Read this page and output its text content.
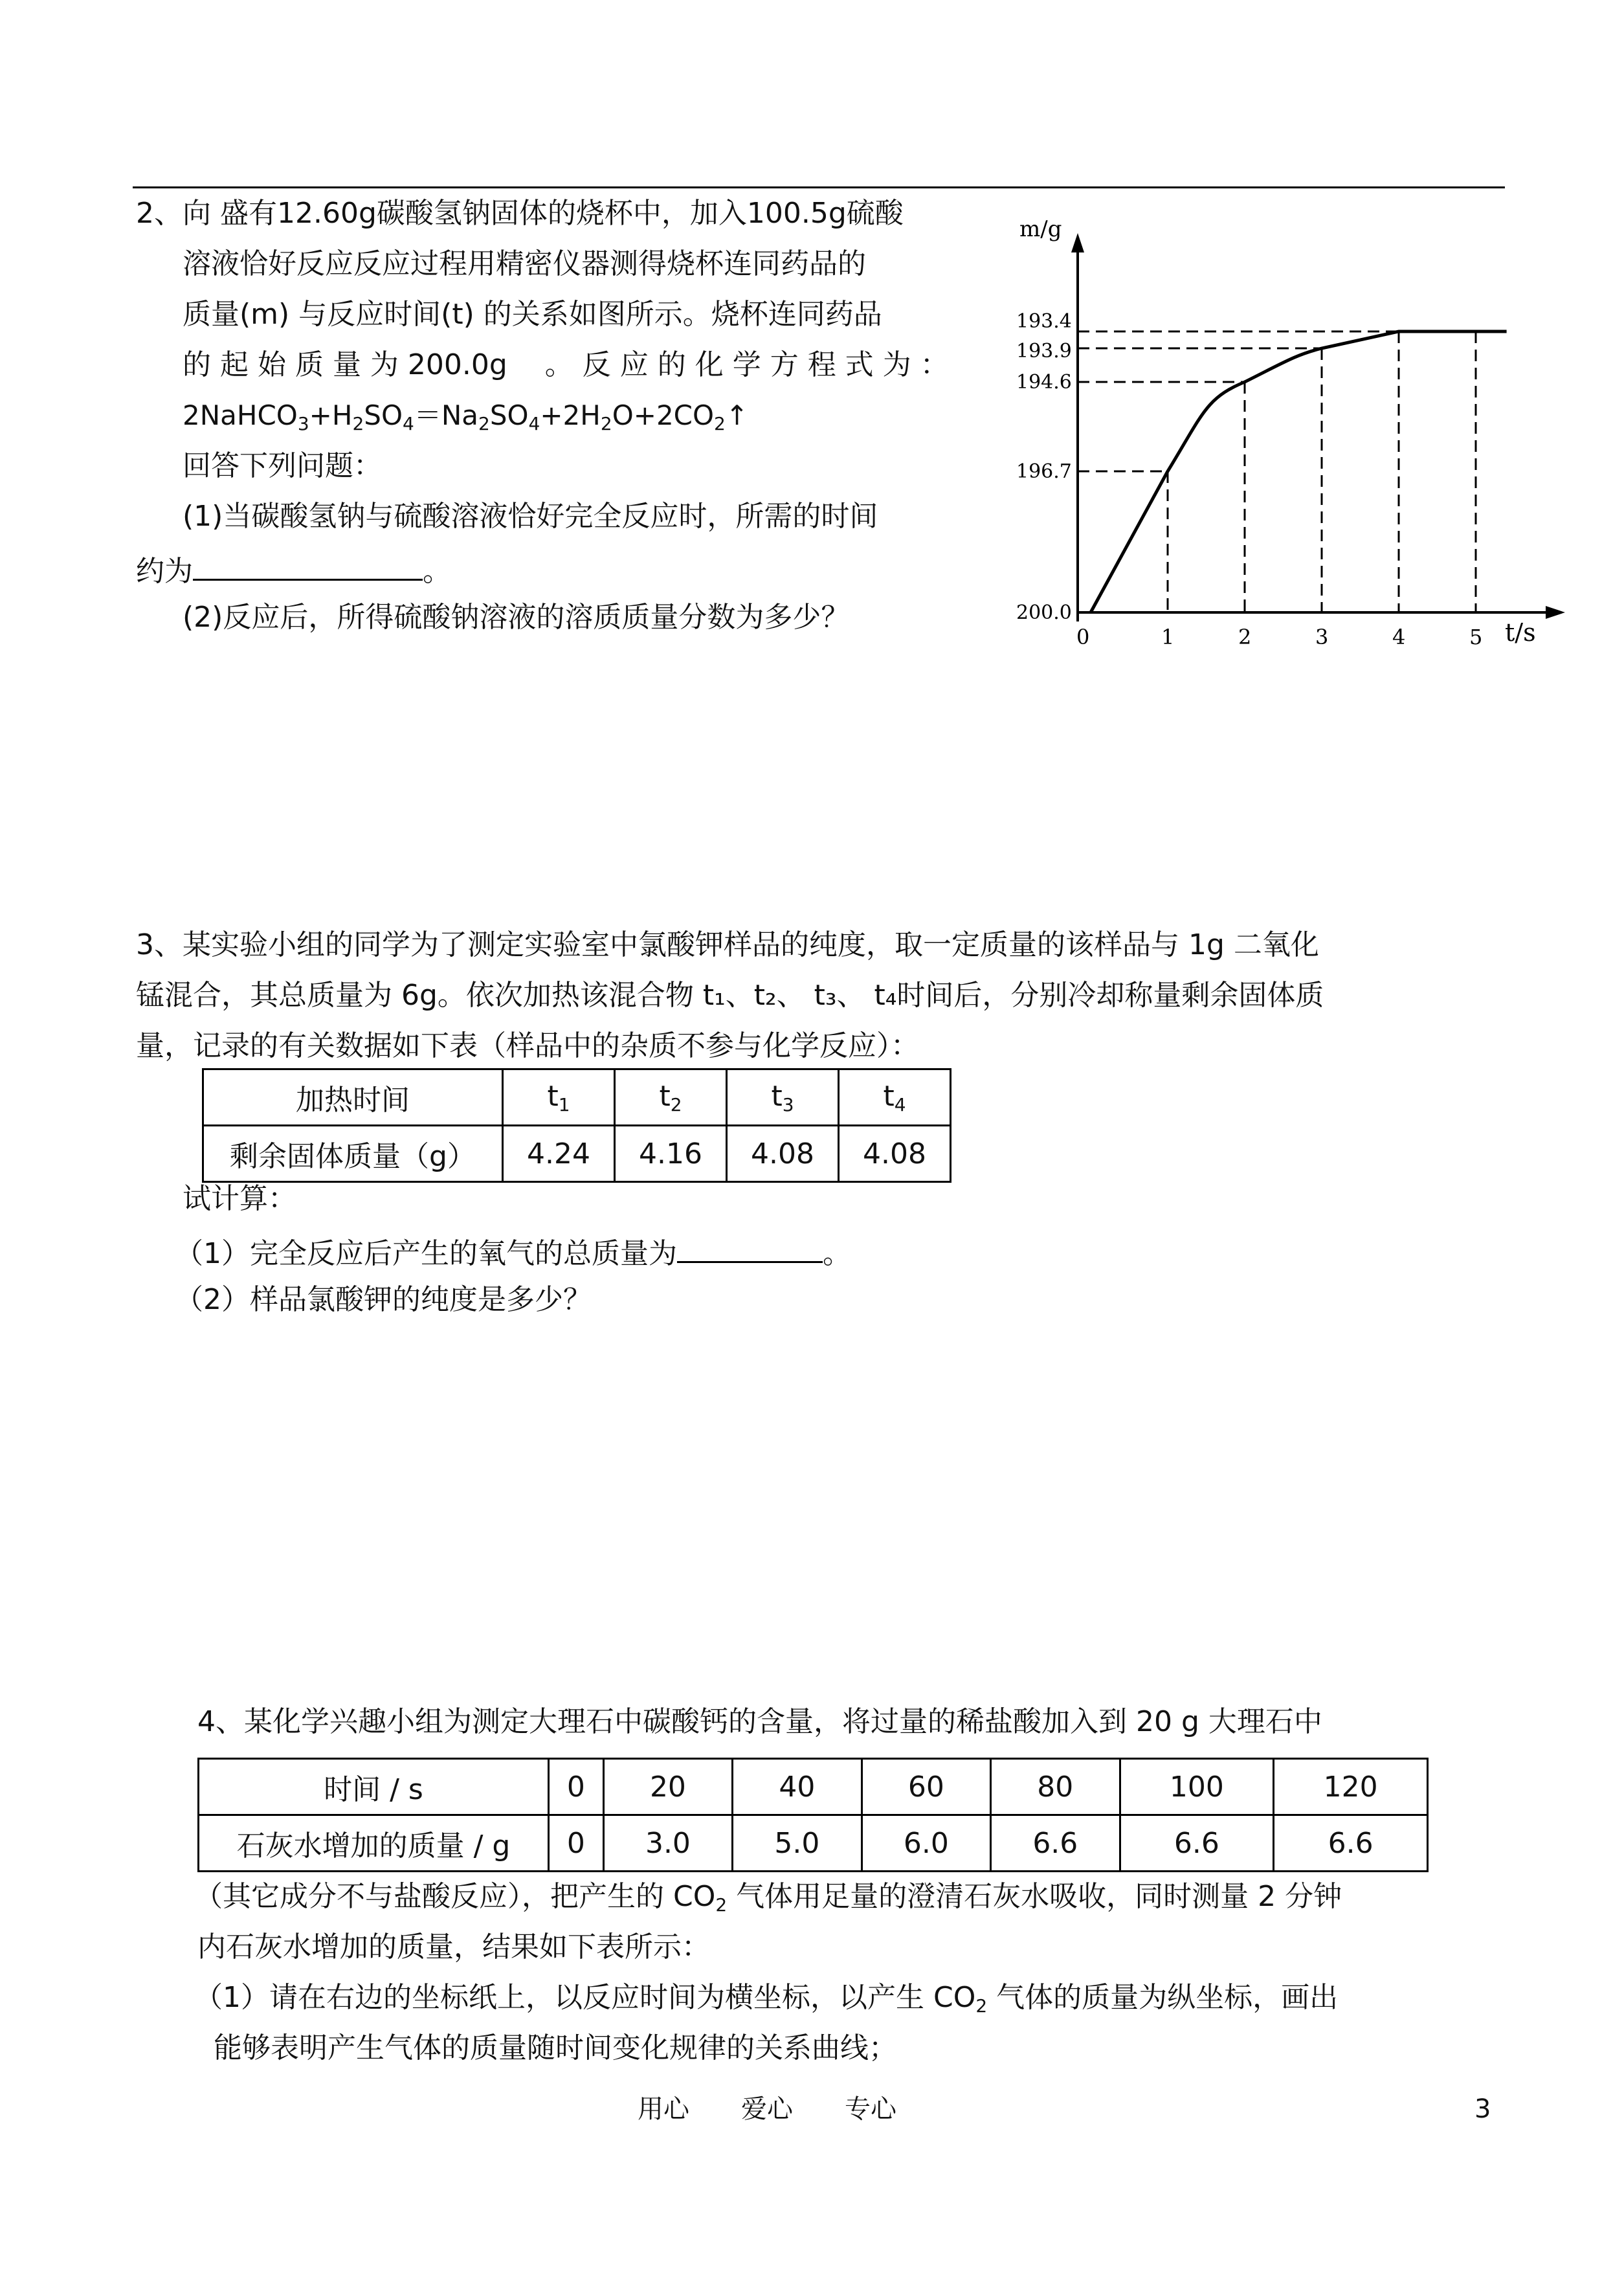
2、向 盛有12.60g碳酸氢钠固体的烧杯中，加入100.5g硫酸
溶液恰好反应反应过程用精密仪器测得烧杯连同药品的
质量(m) 与反应时间(t) 的关系如图所示。烧杯连同药品
的 起 始 质 量 为 200.0g　 。 反 应 的 化 学 方 程 式 为 ：
$2NaHCO_3+H_2SO_4=Na_2SO_4+2H_2O+2CO_2↑$
回答下列问题：
(1)当碳酸氢钠与硫酸溶液恰好完全反应时，所需的时间
约为	。
(2)反应后，所得硫酸钠溶液的溶质质量分数为多少？
m/g
t/s
0	1	2	3	4	5
200.0
196.7
194.6
193.9
193.4
3、某实验小组的同学为了测定实验室中氯酸钾样品的纯度，取一定质量的该样品与 1g 二氧化
锰混合，其总质量为 6g。依次加热该混合物 t₁、t₂、 t₃、 t₄时间后，分别冷却称量剩余固体质
量，记录的有关数据如下表（样品中的杂质不参与化学反应）：
加热时间	$t_1$	$t_2$	$t_3$	$t_4$
剩余固体质量（g）	4.24	4.16	4.08	4.08
试计算：
（1）完全反应后产生的氧气的总质量为	。
（2）样品氯酸钾的纯度是多少？
4、某化学兴趣小组为测定大理石中碳酸钙的含量，将过量的稀盐酸加入到 20 g 大理石中
时间 / s	0	20	40	60	80	100	120
石灰水增加的质量 / g	0	3.0	5.0	6.0	6.6	6.6	6.6
（其它成分不与盐酸反应），把产生的 $CO_2$ 气体用足量的澄清石灰水吸收，同时测量 2 分钟
内石灰水增加的质量，结果如下表所示：
（1）请在右边的坐标纸上，以反应时间为横坐标，以产生 $CO_2$ 气体的质量为纵坐标，画出
能够表明产生气体的质量随时间变化规律的关系曲线；
用心　　爱心　　专心	3
